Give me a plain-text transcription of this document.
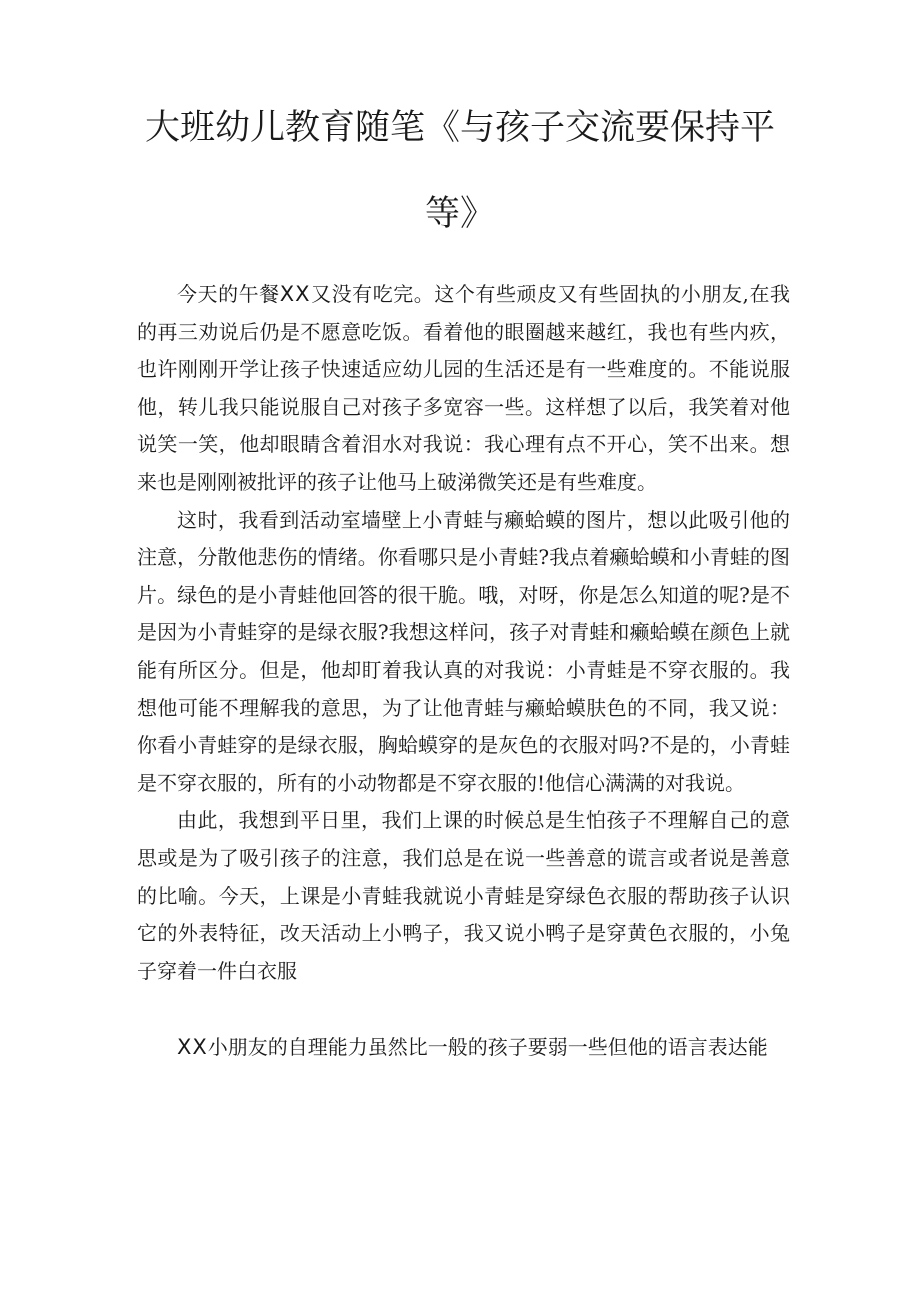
大班幼儿教育随笔《与孩子交流要保持平
等》

今天的午餐XX又没有吃完。这个有些顽皮又有些固执的小朋友,在我的再三劝说后仍是不愿意吃饭。看着他的眼圈越来越红，我也有些内疚，也许刚刚开学让孩子快速适应幼儿园的生活还是有一些难度的。不能说服他，转儿我只能说服自己对孩子多宽容一些。这样想了以后，我笑着对他说笑一笑，他却眼睛含着泪水对我说：我心理有点不开心，笑不出来。想来也是刚刚被批评的孩子让他马上破涕微笑还是有些难度。

这时，我看到活动室墙壁上小青蛙与癞蛤蟆的图片，想以此吸引他的注意，分散他悲伤的情绪。你看哪只是小青蛙?我点着癞蛤蟆和小青蛙的图片。绿色的是小青蛙他回答的很干脆。哦，对呀，你是怎么知道的呢?是不是因为小青蛙穿的是绿衣服?我想这样问，孩子对青蛙和癞蛤蟆在颜色上就能有所区分。但是，他却盯着我认真的对我说：小青蛙是不穿衣服的。我想他可能不理解我的意思，为了让他青蛙与癞蛤蟆肤色的不同，我又说：你看小青蛙穿的是绿衣服，胸蛤蟆穿的是灰色的衣服对吗?不是的，小青蛙是不穿衣服的，所有的小动物都是不穿衣服的!他信心满满的对我说。

由此，我想到平日里，我们上课的时候总是生怕孩子不理解自己的意思或是为了吸引孩子的注意，我们总是在说一些善意的谎言或者说是善意的比喻。今天，上课是小青蛙我就说小青蛙是穿绿色衣服的帮助孩子认识它的外表特征，改天活动上小鸭子，我又说小鸭子是穿黄色衣服的，小兔子穿着一件白衣服

XX小朋友的自理能力虽然比一般的孩子要弱一些但他的语言表达能
